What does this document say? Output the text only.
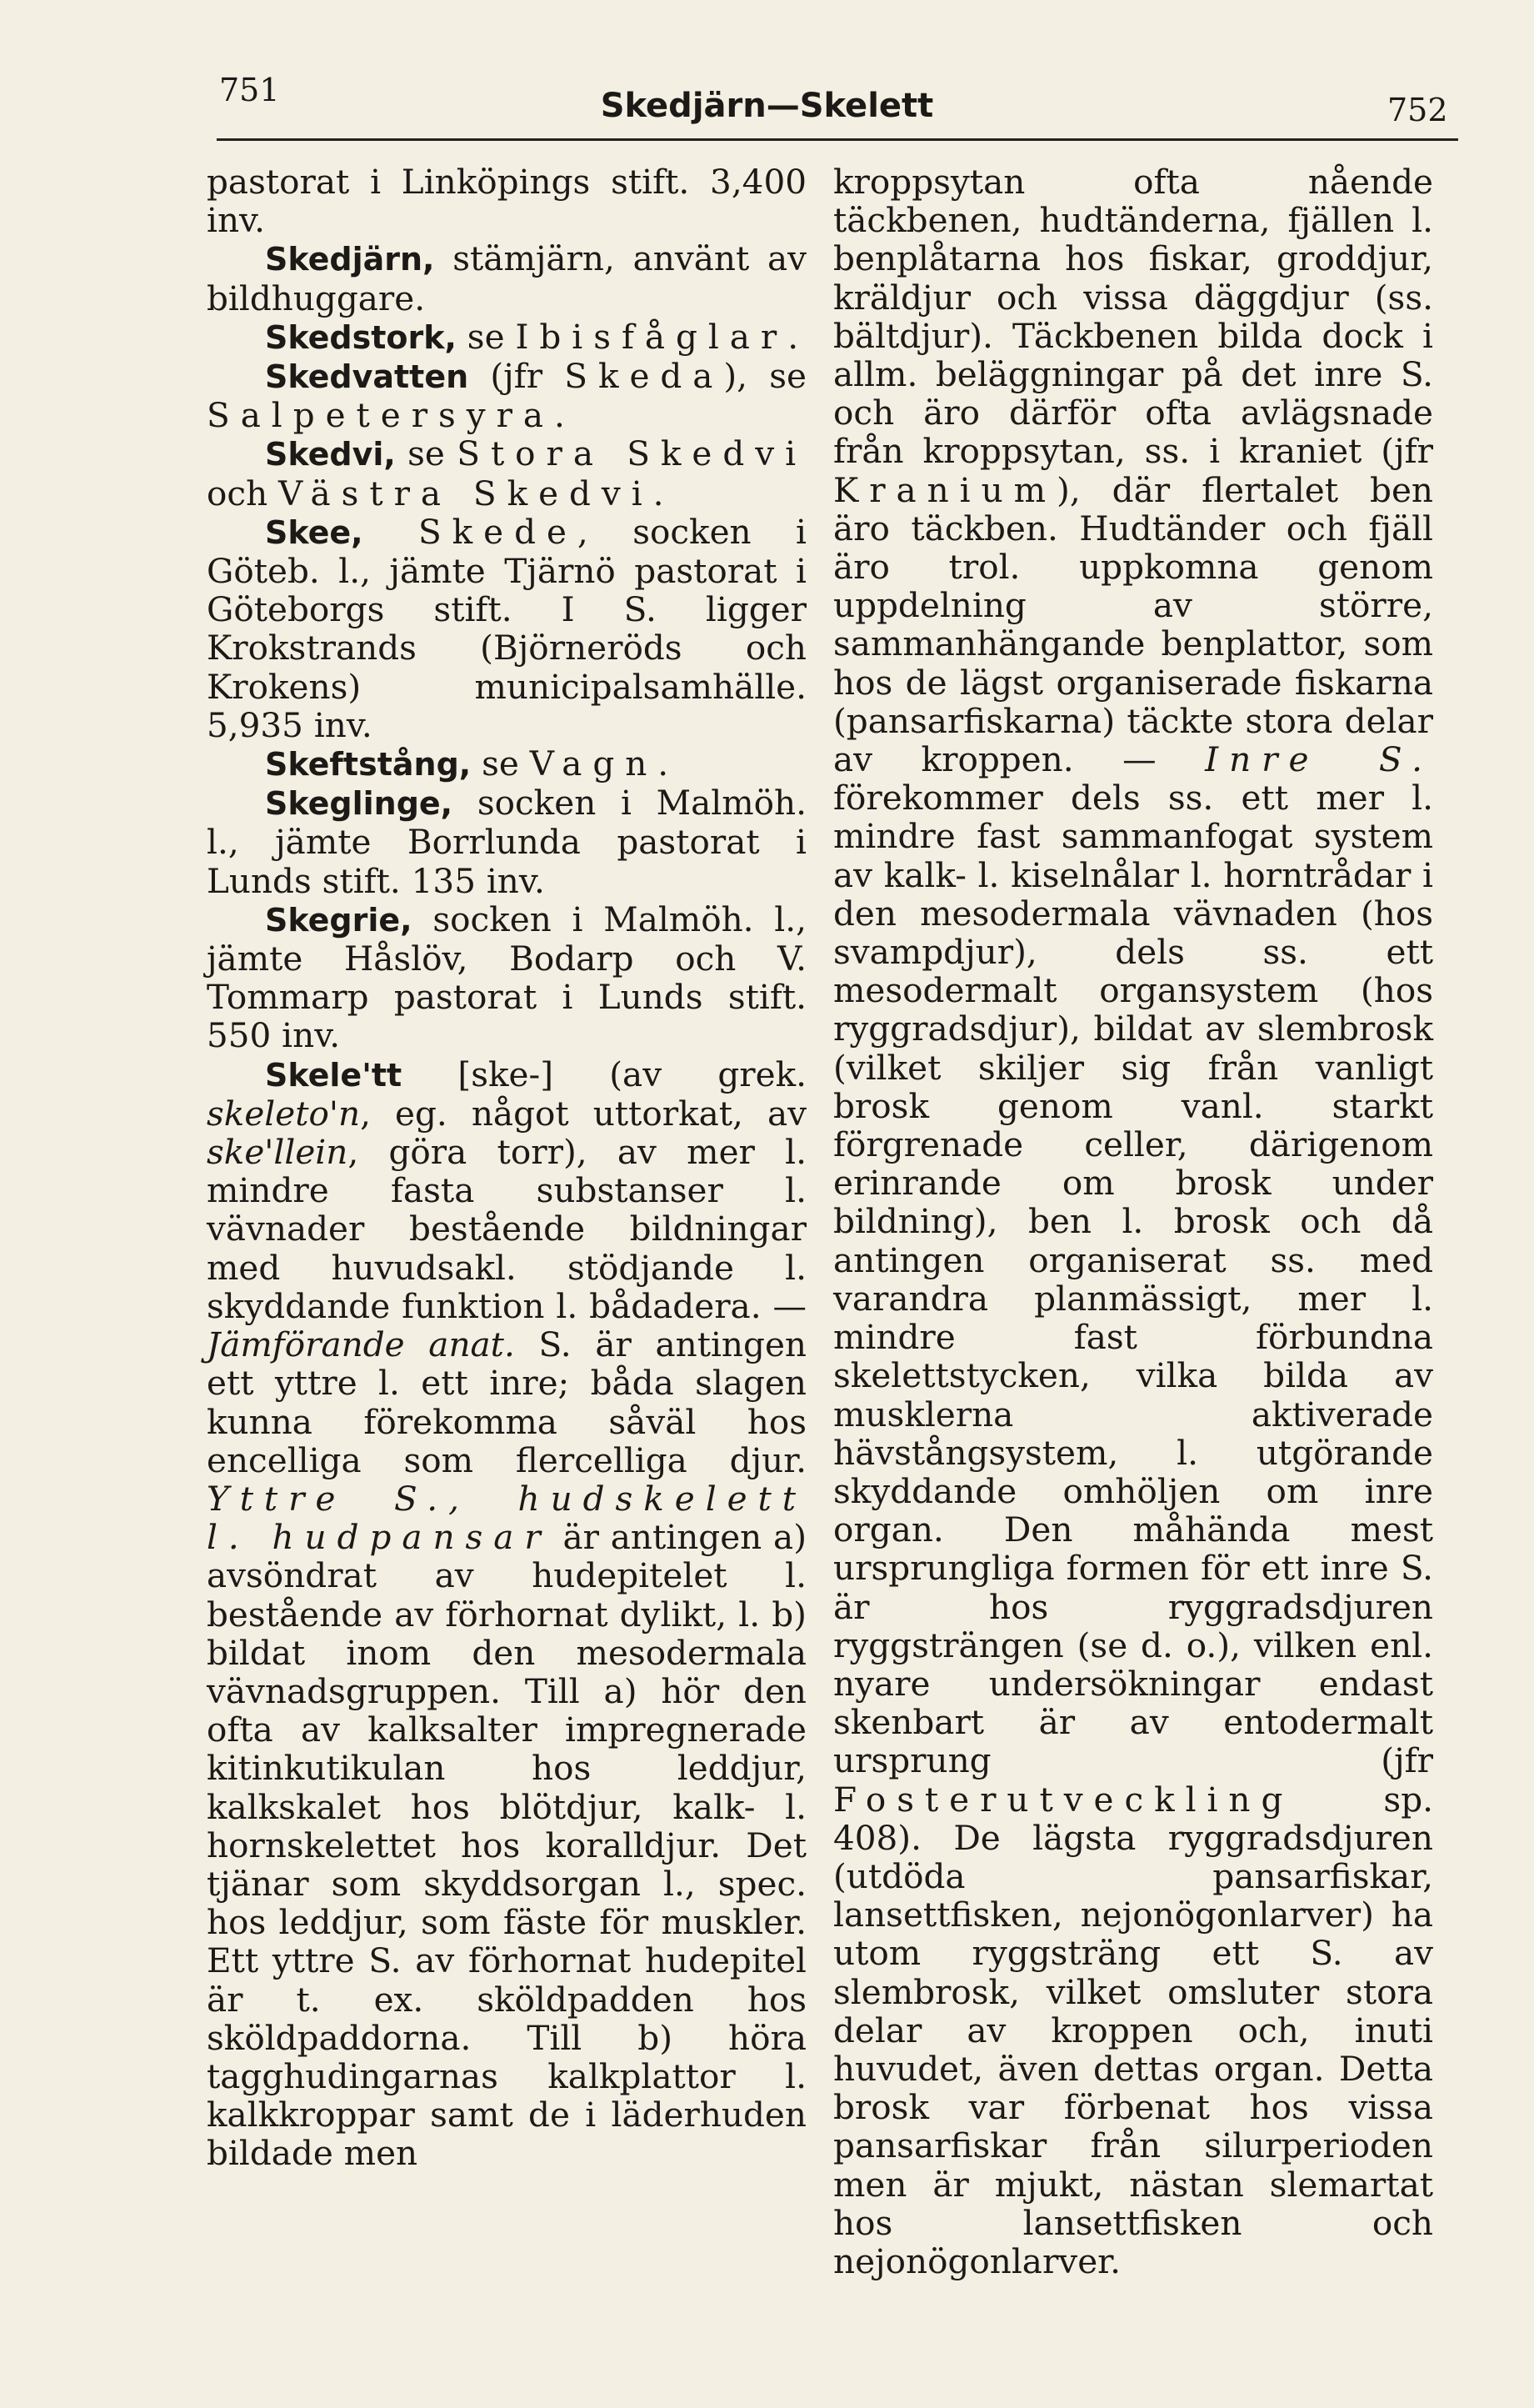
751	Skedjärn—Skelett	752

pastorat i Linköpings stift. 3,400 inv.

Skedjärn, stämjärn, använt av bildhuggare.

Skedstork, se Ibisfåglar.

Skedvatten (jfr Skeda), se Salpetersyra.

Skedvi, se Stora Skedvi och Västra Skedvi.

Skee, Skede, socken i Göteb. l., jämte Tjärnö pastorat i Göteborgs stift. I S. ligger Krokstrands (Björneröds och Krokens) municipalsamhälle. 5,935 inv.

Skeftstång, se Vagn.

Skeglinge, socken i Malmöh. l., jämte Borrlunda pastorat i Lunds stift. 135 inv.

Skegrie, socken i Malmöh. l., jämte Håslöv, Bodarp och V. Tommarp pastorat i Lunds stift. 550 inv.

Skele'tt [ske-] (av grek. skeleto'n, eg. något uttorkat, av ske'llein, göra torr), av mer l. mindre fasta substanser l. vävnader bestående bildningar med huvudsakl. stödjande l. skyddande funktion l. bådadera. — Jämförande anat. S. är antingen ett yttre l. ett inre; båda slagen kunna förekomma såväl hos encelliga som flercelliga djur. Yttre S., hudskelett l. hudpansar är antingen a) avsöndrat av hudepitelet l. bestående av förhornat dylikt, l. b) bildat inom den mesodermala vävnadsgruppen. Till a) hör den ofta av kalksalter impregnerade kitinkutikulan hos leddjur, kalkskalet hos blötdjur, kalk- l. hornskelettet hos koralldjur. Det tjänar som skyddsorgan l., spec. hos leddjur, som fäste för muskler. Ett yttre S. av förhornat hudepitel är t. ex. sköldpadden hos sköldpaddorna. Till b) höra tagghudingarnas kalkplattor l. kalkkroppar samt de i läderhuden bildade men

kroppsytan ofta nående täckbenen, hudtänderna, fjällen l. benplåtarna hos fiskar, groddjur, kräldjur och vissa däggdjur (ss. bältdjur). Täckbenen bilda dock i allm. beläggningar på det inre S. och äro därför ofta avlägsnade från kroppsytan, ss. i kraniet (jfr Kranium), där flertalet ben äro täckben. Hudtänder och fjäll äro trol. uppkomna genom uppdelning av större, sammanhängande benplattor, som hos de lägst organiserade fiskarna (pansarfiskarna) täckte stora delar av kroppen. — Inre S. förekommer dels ss. ett mer l. mindre fast sammanfogat system av kalk- l. kiselnålar l. horntrådar i den mesodermala vävnaden (hos svampdjur), dels ss. ett mesodermalt organsystem (hos ryggradsdjur), bildat av slembrosk (vilket skiljer sig från vanligt brosk genom vanl. starkt förgrenade celler, därigenom erinrande om brosk under bildning), ben l. brosk och då antingen organiserat ss. med varandra planmässigt, mer l. mindre fast förbundna skelettstycken, vilka bilda av musklerna aktiverade hävstångsystem, l. utgörande skyddande omhöljen om inre organ. Den måhända mest ursprungliga formen för ett inre S. är hos ryggradsdjuren ryggsträngen (se d. o.), vilken enl. nyare undersökningar endast skenbart är av entodermalt ursprung (jfr Fosterutveckling sp. 408). De lägsta ryggradsdjuren (utdöda pansarfiskar, lansettfisken, nejonögonlarver) ha utom ryggsträng ett S. av slembrosk, vilket omsluter stora delar av kroppen och, inuti huvudet, även dettas organ. Detta brosk var förbenat hos vissa pansarfiskar från silurperioden men är mjukt, nästan slemartat hos lansettfisken och nejonögonlarver.
